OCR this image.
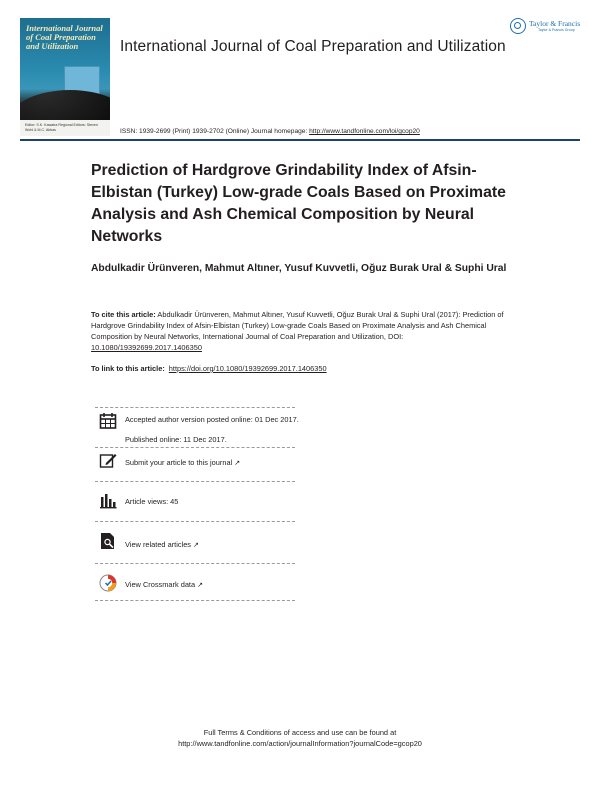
International Journal of Coal Preparation and Utilization
Editor: S.K. Kawatra Regional Editors: Steven Wohl & M.C. Akbas
International Journal of Coal Preparation and Utilization
Taylor & Francis
Taylor & Francis Group
ISSN: 1939-2699 (Print) 1939-2702 (Online) Journal homepage: http://www.tandfonline.com/loi/gcop20
Prediction of Hardgrove Grindability Index of Afsin-Elbistan (Turkey) Low-grade Coals Based on Proximate Analysis and Ash Chemical Composition by Neural Networks
Abdulkadir Ürünveren, Mahmut Altıner, Yusuf Kuvvetli, Oğuz Burak Ural & Suphi Ural
To cite this article: Abdulkadir Ürünveren, Mahmut Altıner, Yusuf Kuvvetli, Oğuz Burak Ural & Suphi Ural (2017): Prediction of Hardgrove Grindability Index of Afsin-Elbistan (Turkey) Low-grade Coals Based on Proximate Analysis and Ash Chemical Composition by Neural Networks, International Journal of Coal Preparation and Utilization, DOI: 10.1080/19392699.2017.1406350
To link to this article: https://doi.org/10.1080/19392699.2017.1406350
Accepted author version posted online: 01 Dec 2017.
Published online: 11 Dec 2017.
Submit your article to this journal ↗
Article views: 45
View related articles ↗
View Crossmark data ↗
Full Terms & Conditions of access and use can be found at
http://www.tandfonline.com/action/journalInformation?journalCode=gcop20
